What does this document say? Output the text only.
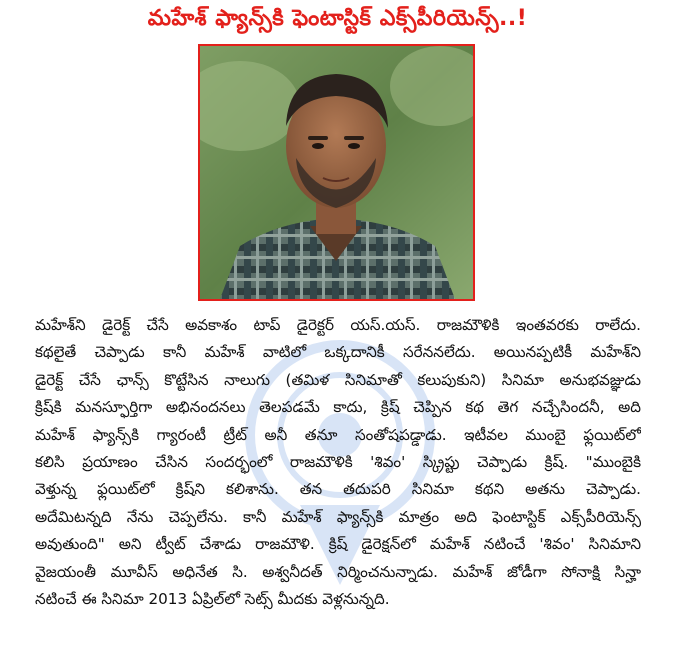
మహేశ్ ఫ్యాన్స్‌కి ఫెంటాస్టిక్ ఎక్స్‌పీరియెన్స్..!

మహేశ్‌ని డైరెక్ట్ చేసే అవకాశం టాప్ డైరెక్టర్ యస్.యస్. రాజమౌళికి ఇంతవరకు రాలేదు.

కథలైతే చెప్పాడు కానీ మహేశ్ వాటిలో ఒక్కదానికీ సరేననలేదు. అయినప్పటికీ మహేశ్‌ని

డైరెక్ట్ చేసే ఛాన్స్ కొట్టేసిన నాలుగు (తమిళ సినిమాతో కలుపుకుని) సినిమా అనుభవజ్ఞుడు

క్రిష్‌కి మనస్ఫూర్తిగా అభినందనలు తెలపడమే కాదు, క్రిష్ చెప్పిన కథ తెగ నచ్చేసిందనీ, అది

మహేశ్ ఫ్యాన్స్‌కి గ్యారంటీ ట్రీట్ అనీ తనూ సంతోషపడ్డాడు. ఇటీవల ముంబై ఫ్లయిట్‌లో

కలిసి ప్రయాణం చేసిన సందర్భంలో రాజమౌళికి 'శివం' స్క్రిప్టు చెప్పాడు క్రిష్. "ముంబైకి

వెళ్తున్న ఫ్లయిట్‌లో క్రిష్‌ని కలిశాను. తన తదుపరి సినిమా కథని అతను చెప్పాడు.

అదేమిటన్నది నేను చెప్పలేను. కానీ మహేశ్ ఫ్యాన్స్‌కి మాత్రం అది ఫెంటాస్టిక్ ఎక్స్‌పీరియెన్స్

అవుతుంది" అని ట్వీట్ చేశాడు రాజమౌళి. క్రిష్ డైరెక్షన్‌లో మహేశ్ నటించే 'శివం' సినిమాని

వైజయంతీ మూవీస్ అధినేత సి. అశ్వనీదత్ నిర్మించనున్నాడు. మహేశ్ జోడీగా సోనాక్షి సిన్హా

నటించే ఈ సినిమా 2013 ఏప్రిల్‌లో సెట్స్ మీదకు వెళ్లనున్నది.
